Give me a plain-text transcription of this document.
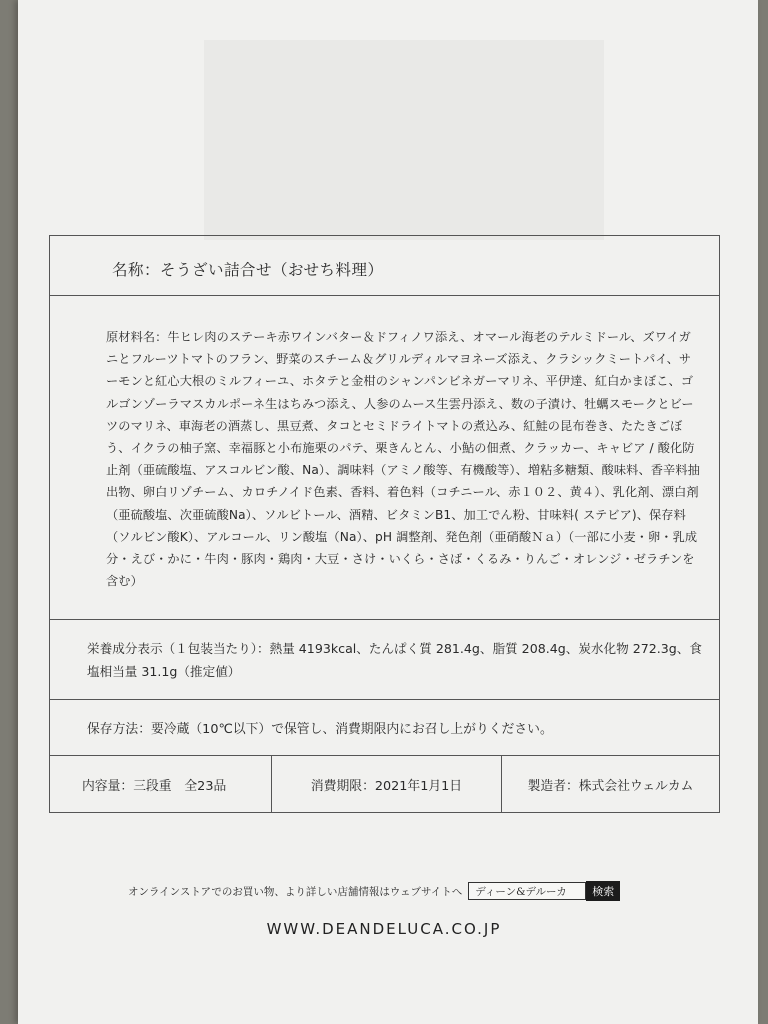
名称：そうざい詰合せ（おせち料理）
原材料名：牛ヒレ肉のステーキ赤ワインバター＆ドフィノワ添え、オマール海老のテルミドール、ズワイガニとフルーツトマトのフラン、野菜のスチーム＆グリルディルマヨネーズ添え、クラシックミートパイ、サーモンと紅心大根のミルフィーユ、ホタテと金柑のシャンパンビネガーマリネ、平伊達、紅白かまぼこ、ゴルゴンゾーラマスカルポーネ生はちみつ添え、人参のムース生雲丹添え、数の子漬け、牡蠣スモークとビーツのマリネ、車海老の酒蒸し、黒豆煮、タコとセミドライトマトの煮込み、紅鮭の昆布巻き、たたきごぼう、イクラの柚子窯、幸福豚と小布施栗のパテ、栗きんとん、小鮎の佃煮、クラッカー、キャビア / 酸化防止剤（亜硫酸塩、アスコルビン酸、Na）、調味料（アミノ酸等、有機酸等）、増粘多糖類、酸味料、香辛料抽出物、卵白リゾチーム、カロチノイド色素、香料、着色料（コチニール、赤１０２、黄４）、乳化剤、漂白剤（亜硫酸塩、次亜硫酸Na）、ソルビトール、酒精、ビタミンB1、加工でん粉、甘味料( ステビア)、保存料（ソルビン酸K）、アルコール、リン酸塩（Na）、pH 調整剤、発色剤（亜硝酸Ｎａ）（一部に小麦・卵・乳成分・えび・かに・牛肉・豚肉・鶏肉・大豆・さけ・いくら・さば・くるみ・りんご・オレンジ・ゼラチンを含む）
栄養成分表示（１包装当たり）：熱量 4193kcal、たんぱく質 281.4g、脂質 208.4g、炭水化物 272.3g、食塩相当量 31.1g（推定値）
保存方法：要冷蔵（10℃以下）で保管し、消費期限内にお召し上がりください。
内容量：三段重　全23品	消費期限：2021年1月1日	製造者：株式会社ウェルカム
オンラインストアでのお買い物、より詳しい店舗情報はウェブサイトへ ディーン&デルーカ	検索
WWW.DEANDELUCA.CO.JP
